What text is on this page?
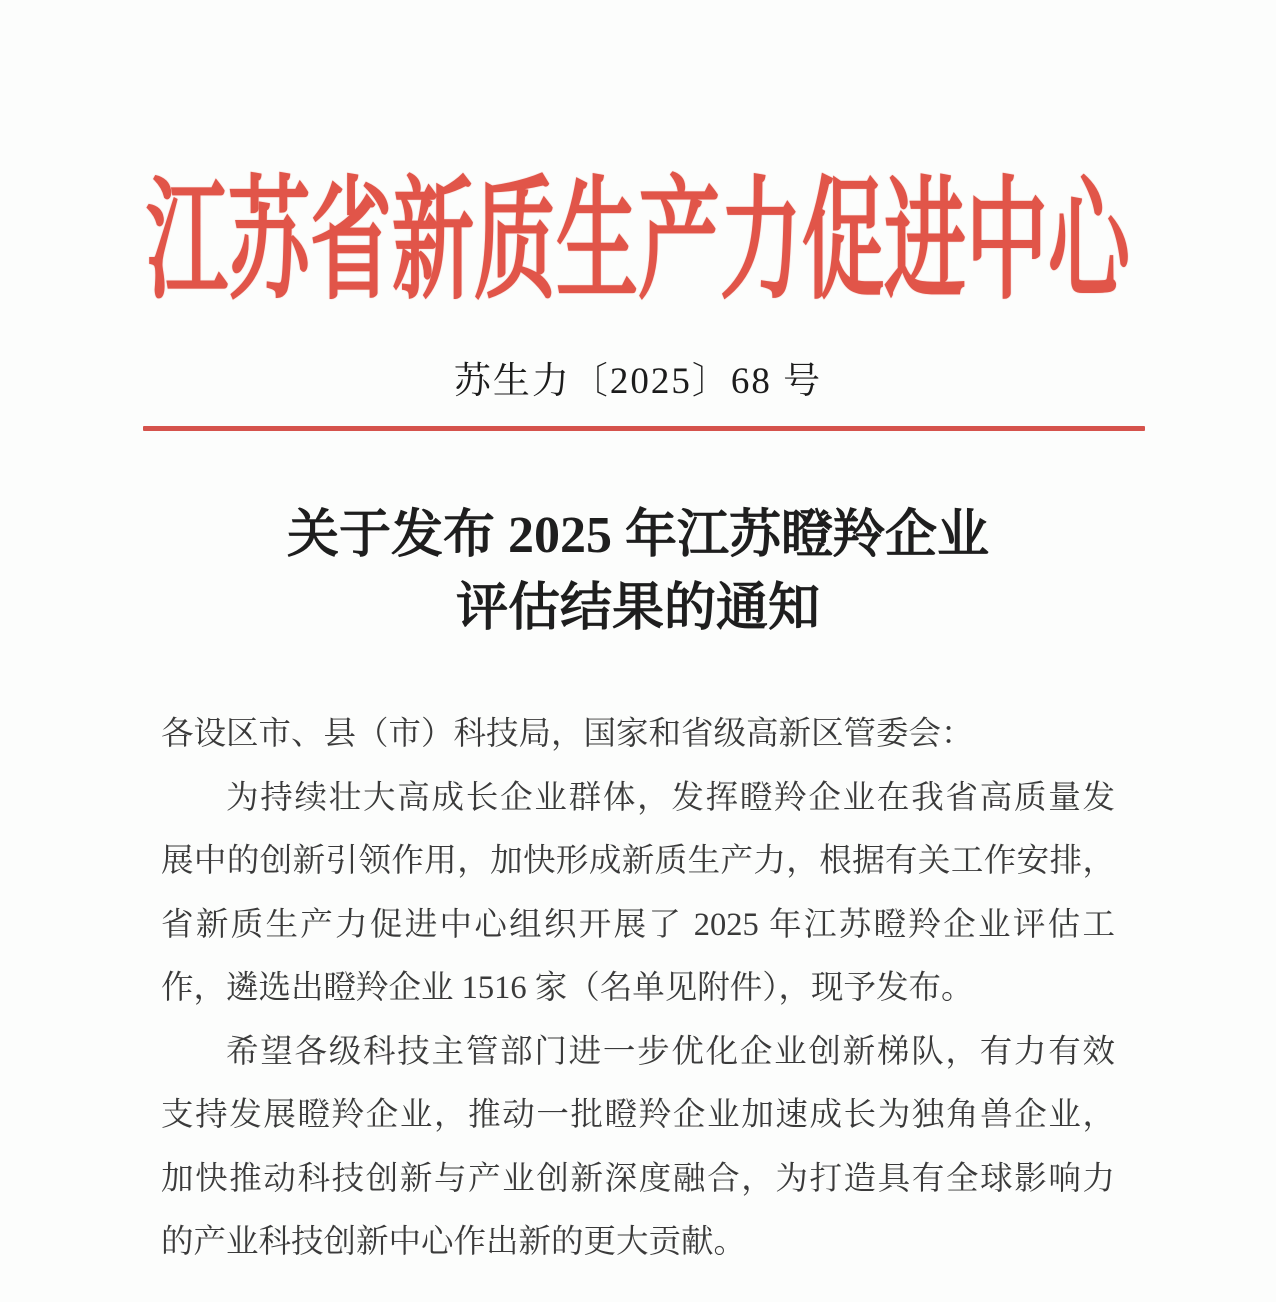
江苏省新质生产力促进中心
苏生力〔2025〕68 号
关于发布 2025 年江苏瞪羚企业
评估结果的通知
各设区市、县（市）科技局，国家和省级高新区管委会：
为持续壮大高成长企业群体，发挥瞪羚企业在我省高质量发
展中的创新引领作用，加快形成新质生产力，根据有关工作安排，
省新质生产力促进中心组织开展了 2025 年江苏瞪羚企业评估工
作，遴选出瞪羚企业 1516 家（名单见附件），现予发布。
希望各级科技主管部门进一步优化企业创新梯队，有力有效
支持发展瞪羚企业，推动一批瞪羚企业加速成长为独角兽企业，
加快推动科技创新与产业创新深度融合，为打造具有全球影响力
的产业科技创新中心作出新的更大贡献。
